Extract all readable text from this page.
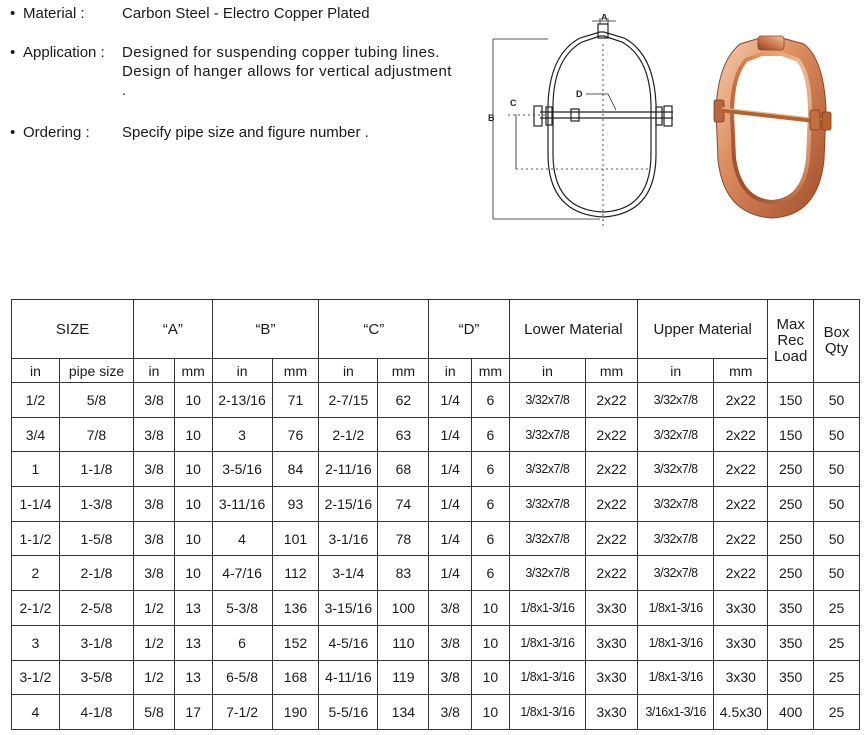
• Material : Carbon Steel - Electro Copper Plated
• Application : Designed for suspending copper tubing lines. Design of hanger allows for vertical adjustment .
• Ordering : Specify pipe size and figure number .
A
B
C
D
SIZE		“A”		“B”		“C”		“D”		Lower Material		Upper Material		Max Rec Load	Box Qty
in	pipe size	in	mm	in	mm	in	mm	in	mm	in	mm	in	mm		
1/2	5/8	3/8	10	2-13/16	71	2-7/15	62	1/4	6	3/32x7/8	2x22	3/32x7/8	2x22	150	50
3/4	7/8	3/8	10	3	76	2-1/2	63	1/4	6	3/32x7/8	2x22	3/32x7/8	2x22	150	50
1	1-1/8	3/8	10	3-5/16	84	2-11/16	68	1/4	6	3/32x7/8	2x22	3/32x7/8	2x22	250	50
1-1/4	1-3/8	3/8	10	3-11/16	93	2-15/16	74	1/4	6	3/32x7/8	2x22	3/32x7/8	2x22	250	50
1-1/2	1-5/8	3/8	10	4	101	3-1/16	78	1/4	6	3/32x7/8	2x22	3/32x7/8	2x22	250	50
2	2-1/8	3/8	10	4-7/16	112	3-1/4	83	1/4	6	3/32x7/8	2x22	3/32x7/8	2x22	250	50
2-1/2	2-5/8	1/2	13	5-3/8	136	3-15/16	100	3/8	10	1/8x1-3/16	3x30	1/8x1-3/16	3x30	350	25
3	3-1/8	1/2	13	6	152	4-5/16	110	3/8	10	1/8x1-3/16	3x30	1/8x1-3/16	3x30	350	25
3-1/2	3-5/8	1/2	13	6-5/8	168	4-11/16	119	3/8	10	1/8x1-3/16	3x30	1/8x1-3/16	3x30	350	25
4	4-1/8	5/8	17	7-1/2	190	5-5/16	134	3/8	10	1/8x1-3/16	3x30	3/16x1-3/16	4.5x30	400	25
